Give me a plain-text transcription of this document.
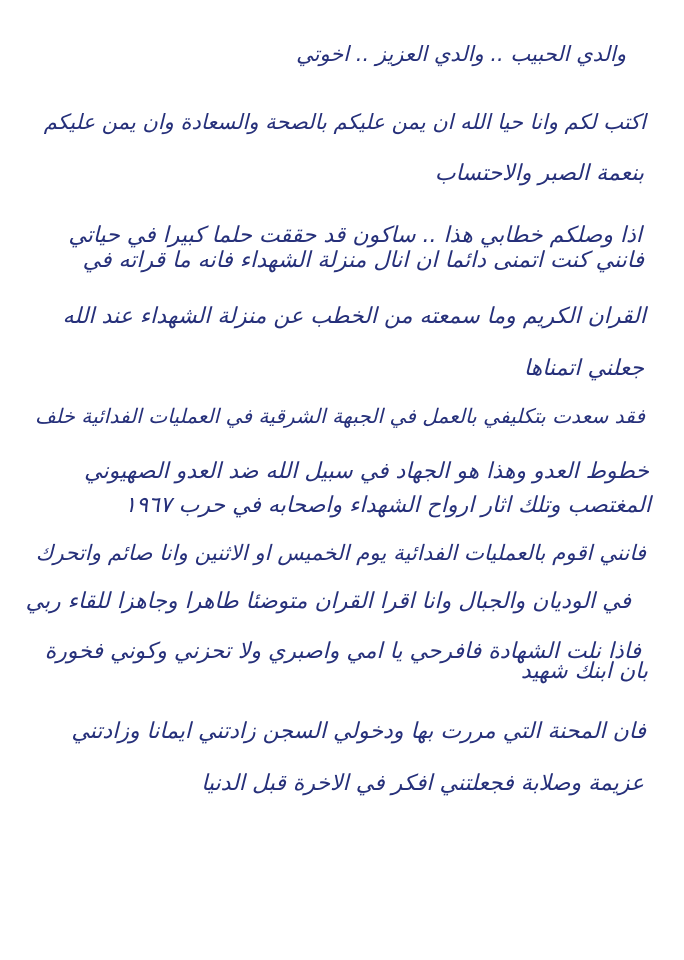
والدي الحبيب .. والدي العزيز .. اخوتي
اكتب لكم وانا حيا الله ان يمن عليكم بالصحة والسعادة وان يمن عليكم
بنعمة الصبر والاحتساب
اذا وصلكم خطابي هذا .. ساكون قد حققت حلما كبيرا في حياتي
فانني كنت اتمنى دائما ان انال منزلة الشهداء فانه ما قراته في
القران الكريم وما سمعته من الخطب عن منزلة الشهداء عند الله
جعلني اتمناها
فقد سعدت بتكليفي بالعمل في الجبهة الشرقية في العمليات الفدائية خلف
خطوط العدو وهذا هو الجهاد في سبيل الله ضد العدو الصهيوني
المغتصب وتلك اثار ارواح الشهداء واصحابه في حرب ١٩٦٧
فانني اقوم بالعمليات الفدائية يوم الخميس او الاثنين وانا صائم واتحرك
في الوديان والجبال وانا اقرا القران متوضئا طاهرا وجاهزا للقاء ربي
فاذا نلت الشهادة فافرحي يا امي واصبري ولا تحزني وكوني فخورة
بان ابنك شهيد
فان المحنة التي مررت بها ودخولي السجن زادتني ايمانا وزادتني
عزيمة وصلابة فجعلتني افكر في الاخرة قبل الدنيا
